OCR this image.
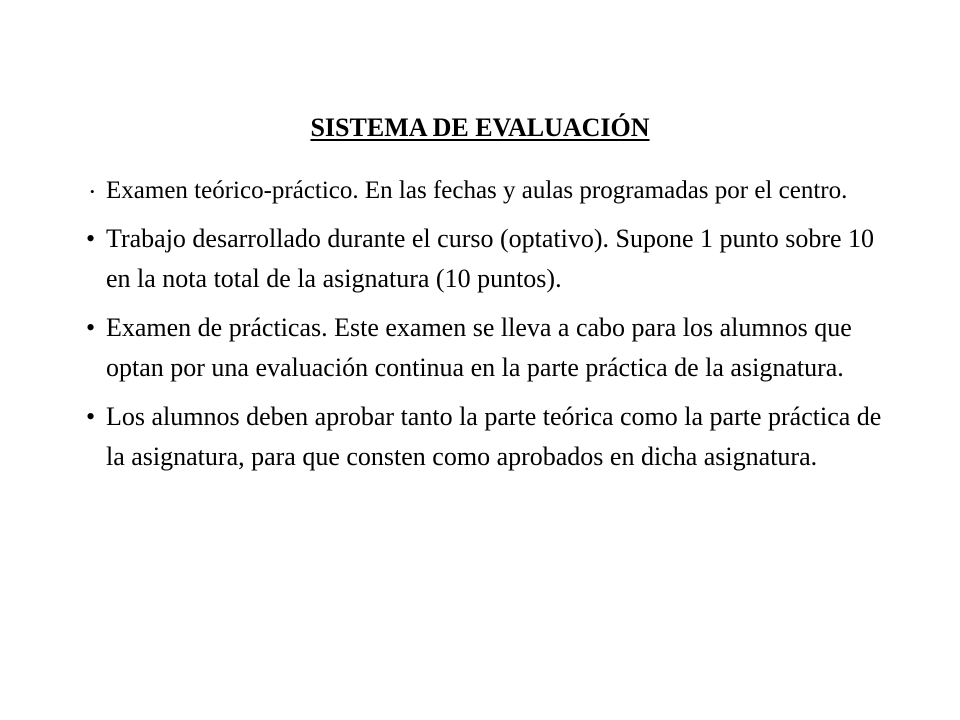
SISTEMA DE EVALUACIÓN
• Examen teórico-práctico. En las fechas y aulas programadas por el centro.
• Trabajo desarrollado durante el curso (optativo). Supone 1 punto sobre 10 en la nota total de la asignatura (10 puntos).
• Examen de prácticas. Este examen se lleva a cabo para los alumnos que optan por una evaluación continua en la parte práctica de la asignatura.
• Los alumnos deben aprobar tanto la parte teórica como la parte práctica de la asignatura, para que consten como aprobados en dicha asignatura.
